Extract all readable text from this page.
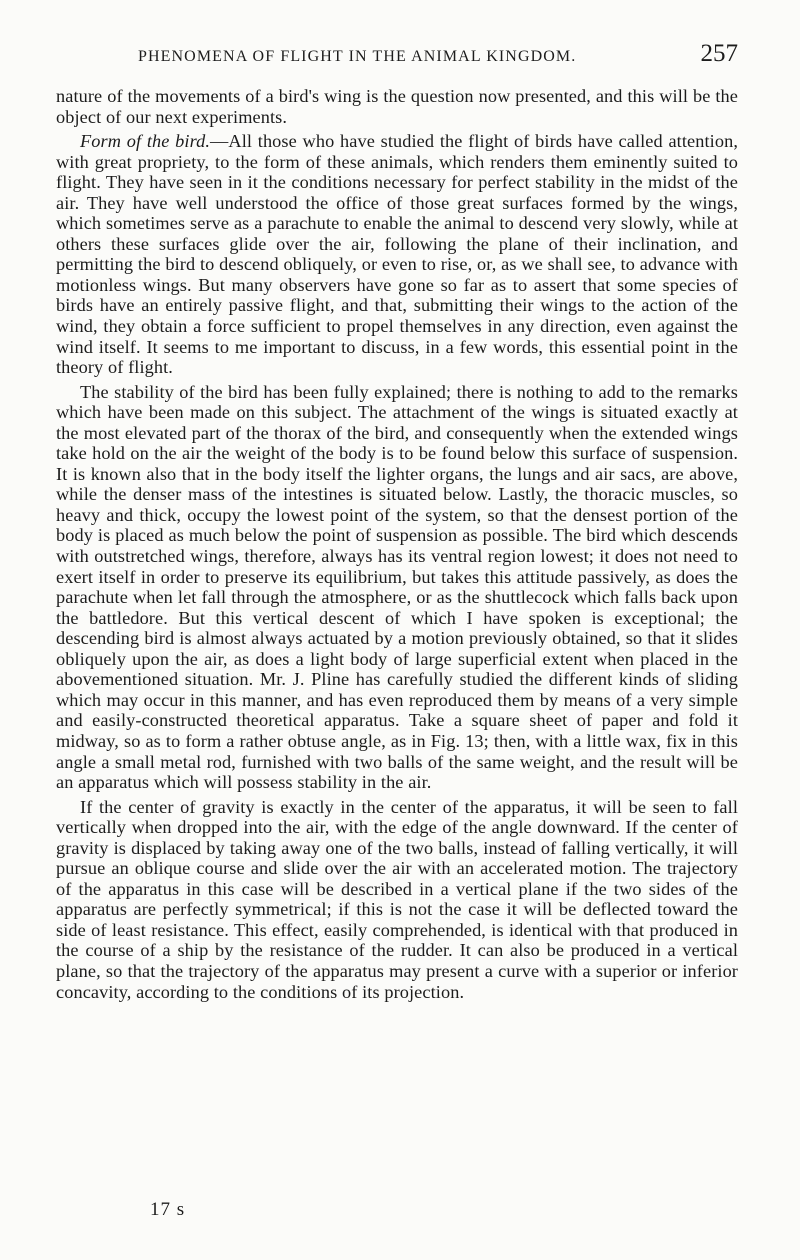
PHENOMENA OF FLIGHT IN THE ANIMAL KINGDOM.	257

nature of the movements of a bird's wing is the question now presented, and this will be the object of our next experiments.

Form of the bird.—All those who have studied the flight of birds have called attention, with great propriety, to the form of these animals, which renders them eminently suited to flight. They have seen in it the conditions necessary for perfect stability in the midst of the air. They have well understood the office of those great surfaces formed by the wings, which sometimes serve as a parachute to enable the animal to descend very slowly, while at others these surfaces glide over the air, following the plane of their inclination, and permitting the bird to descend obliquely, or even to rise, or, as we shall see, to advance with motionless wings. But many observers have gone so far as to assert that some species of birds have an entirely passive flight, and that, submitting their wings to the action of the wind, they obtain a force sufficient to propel themselves in any direction, even against the wind itself. It seems to me important to discuss, in a few words, this essential point in the theory of flight.

The stability of the bird has been fully explained; there is nothing to add to the remarks which have been made on this subject. The attachment of the wings is situated exactly at the most elevated part of the thorax of the bird, and consequently when the extended wings take hold on the air the weight of the body is to be found below this surface of suspension. It is known also that in the body itself the lighter organs, the lungs and air sacs, are above, while the denser mass of the intestines is situated below. Lastly, the thoracic muscles, so heavy and thick, occupy the lowest point of the system, so that the densest portion of the body is placed as much below the point of suspension as possible. The bird which descends with outstretched wings, therefore, always has its ventral region lowest; it does not need to exert itself in order to preserve its equilibrium, but takes this attitude passively, as does the parachute when let fall through the atmosphere, or as the shuttlecock which falls back upon the battledore. But this vertical descent of which I have spoken is exceptional; the descending bird is almost always actuated by a motion previously obtained, so that it slides obliquely upon the air, as does a light body of large superficial extent when placed in the abovementioned situation. Mr. J. Pline has carefully studied the different kinds of sliding which may occur in this manner, and has even reproduced them by means of a very simple and easily-constructed theoretical apparatus. Take a square sheet of paper and fold it midway, so as to form a rather obtuse angle, as in Fig. 13; then, with a little wax, fix in this angle a small metal rod, furnished with two balls of the same weight, and the result will be an apparatus which will possess stability in the air.

If the center of gravity is exactly in the center of the apparatus, it will be seen to fall vertically when dropped into the air, with the edge of the angle downward. If the center of gravity is displaced by taking away one of the two balls, instead of falling vertically, it will pursue an oblique course and slide over the air with an accelerated motion. The trajectory of the apparatus in this case will be described in a vertical plane if the two sides of the apparatus are perfectly symmetrical; if this is not the case it will be deflected toward the side of least resistance. This effect, easily comprehended, is identical with that produced in the course of a ship by the resistance of the rudder. It can also be produced in a vertical plane, so that the trajectory of the apparatus may present a curve with a superior or inferior concavity, according to the conditions of its projection.

17 s
